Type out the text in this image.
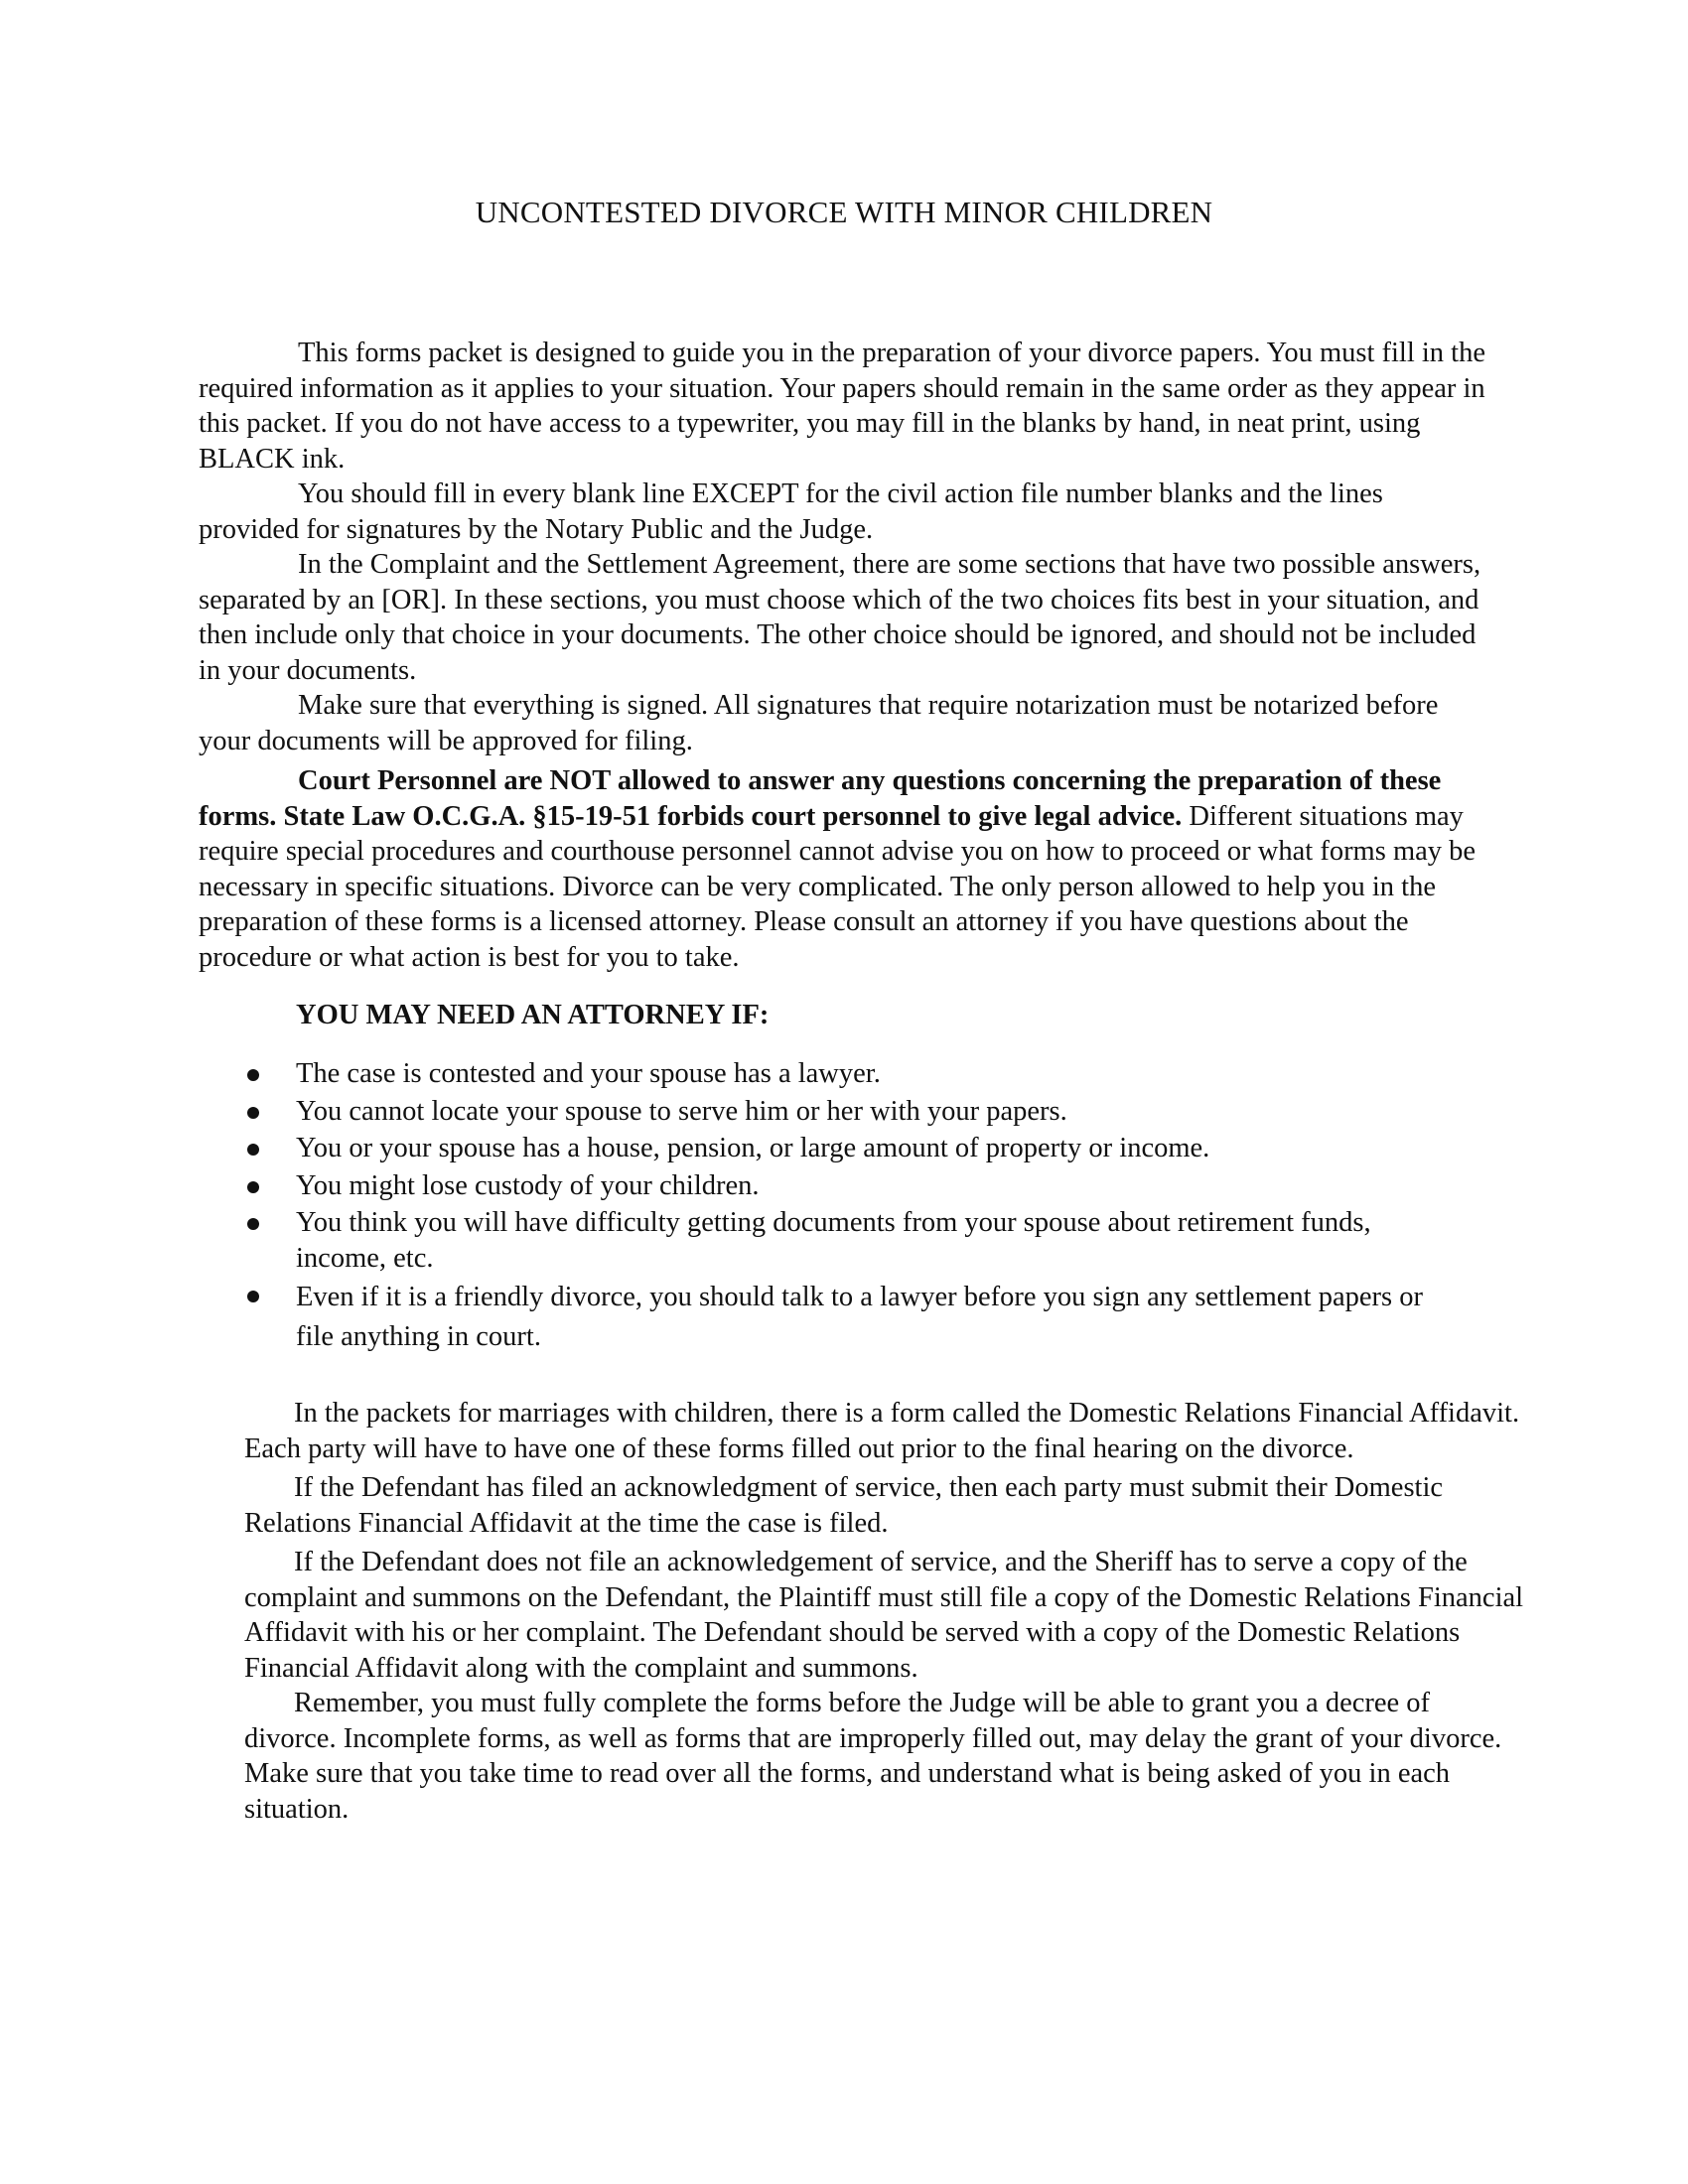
UNCONTESTED DIVORCE WITH MINOR CHILDREN

This forms packet is designed to guide you in the preparation of your divorce papers. You must fill in the required information as it applies to your situation. Your papers should remain in the same order as they appear in this packet. If you do not have access to a typewriter, you may fill in the blanks by hand, in neat print, using BLACK ink.

You should fill in every blank line EXCEPT for the civil action file number blanks and the lines provided for signatures by the Notary Public and the Judge.

In the Complaint and the Settlement Agreement, there are some sections that have two possible answers, separated by an [OR]. In these sections, you must choose which of the two choices fits best in your situation, and then include only that choice in your documents. The other choice should be ignored, and should not be included in your documents.

Make sure that everything is signed. All signatures that require notarization must be notarized before your documents will be approved for filing.

Court Personnel are NOT allowed to answer any questions concerning the preparation of these forms. State Law O.C.G.A. §15-19-51 forbids court personnel to give legal advice. Different situations may require special procedures and courthouse personnel cannot advise you on how to proceed or what forms may be necessary in specific situations. Divorce can be very complicated. The only person allowed to help you in the preparation of these forms is a licensed attorney. Please consult an attorney if you have questions about the procedure or what action is best for you to take.

YOU MAY NEED AN ATTORNEY IF:
The case is contested and your spouse has a lawyer.
You cannot locate your spouse to serve him or her with your papers.
You or your spouse has a house, pension, or large amount of property or income.
You might lose custody of your children.
You think you will have difficulty getting documents from your spouse about retirement funds, income, etc.
Even if it is a friendly divorce, you should talk to a lawyer before you sign any settlement papers or file anything in court.

In the packets for marriages with children, there is a form called the Domestic Relations Financial Affidavit. Each party will have to have one of these forms filled out prior to the final hearing on the divorce.

If the Defendant has filed an acknowledgment of service, then each party must submit their Domestic Relations Financial Affidavit at the time the case is filed.

If the Defendant does not file an acknowledgement of service, and the Sheriff has to serve a copy of the complaint and summons on the Defendant, the Plaintiff must still file a copy of the Domestic Relations Financial Affidavit with his or her complaint. The Defendant should be served with a copy of the Domestic Relations Financial Affidavit along with the complaint and summons.

Remember, you must fully complete the forms before the Judge will be able to grant you a decree of divorce. Incomplete forms, as well as forms that are improperly filled out, may delay the grant of your divorce. Make sure that you take time to read over all the forms, and understand what is being asked of you in each situation.
